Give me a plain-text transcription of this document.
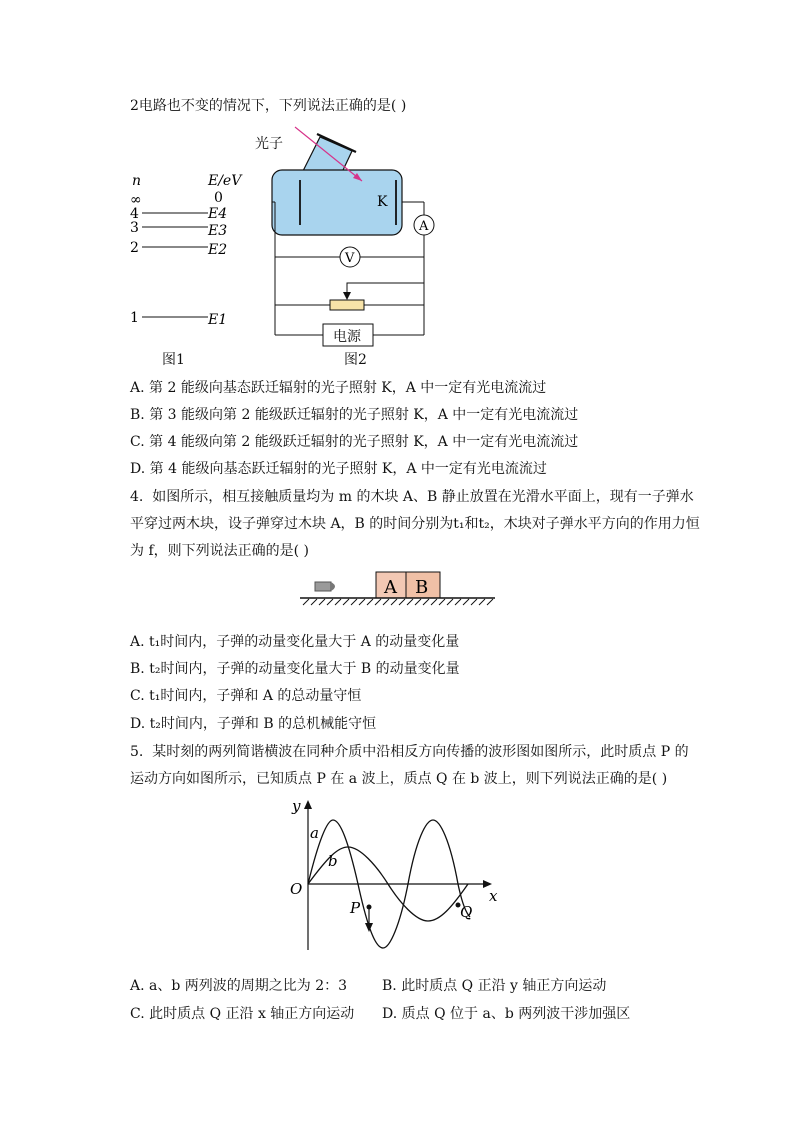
2电路也不变的情况下，下列说法正确的是( )
n	E/eV
∞	0
4	E4
3	E3
2	E2
1	E1
图1
K
A
V
光子
电源
图2
A. 第 2 能级向基态跃迁辐射的光子照射 K，A 中一定有光电流流过
B. 第 3 能级向第 2 能级跃迁辐射的光子照射 K，A 中一定有光电流流过
C. 第 4 能级向第 2 能级跃迁辐射的光子照射 K，A 中一定有光电流流过
D. 第 4 能级向基态跃迁辐射的光子照射 K，A 中一定有光电流流过
4. 如图所示，相互接触质量均为 m 的木块 A、B 静止放置在光滑水平面上，现有一子弹水
平穿过两木块，设子弹穿过木块 A，B 的时间分别为t₁和t₂，木块对子弹水平方向的作用力恒
为 f，则下列说法正确的是( )
A B
A. t₁时间内，子弹的动量变化量大于 A 的动量变化量
B. t₂时间内，子弹的动量变化量大于 B 的动量变化量
C. t₁时间内，子弹和 A 的总动量守恒
D. t₂时间内，子弹和 B 的总机械能守恒
5. 某时刻的两列简谐横波在同种介质中沿相反方向传播的波形图如图所示，此时质点 P 的
运动方向如图所示，已知质点 P 在 a 波上，质点 Q 在 b 波上，则下列说法正确的是( )
y
x
O
a
b
P	Q
A. a、b 两列波的周期之比为 2：3 B. 此时质点 Q 正沿 y 轴正方向运动
C. 此时质点 Q 正沿 x 轴正方向运动 D. 质点 Q 位于 a、b 两列波干涉加强区
